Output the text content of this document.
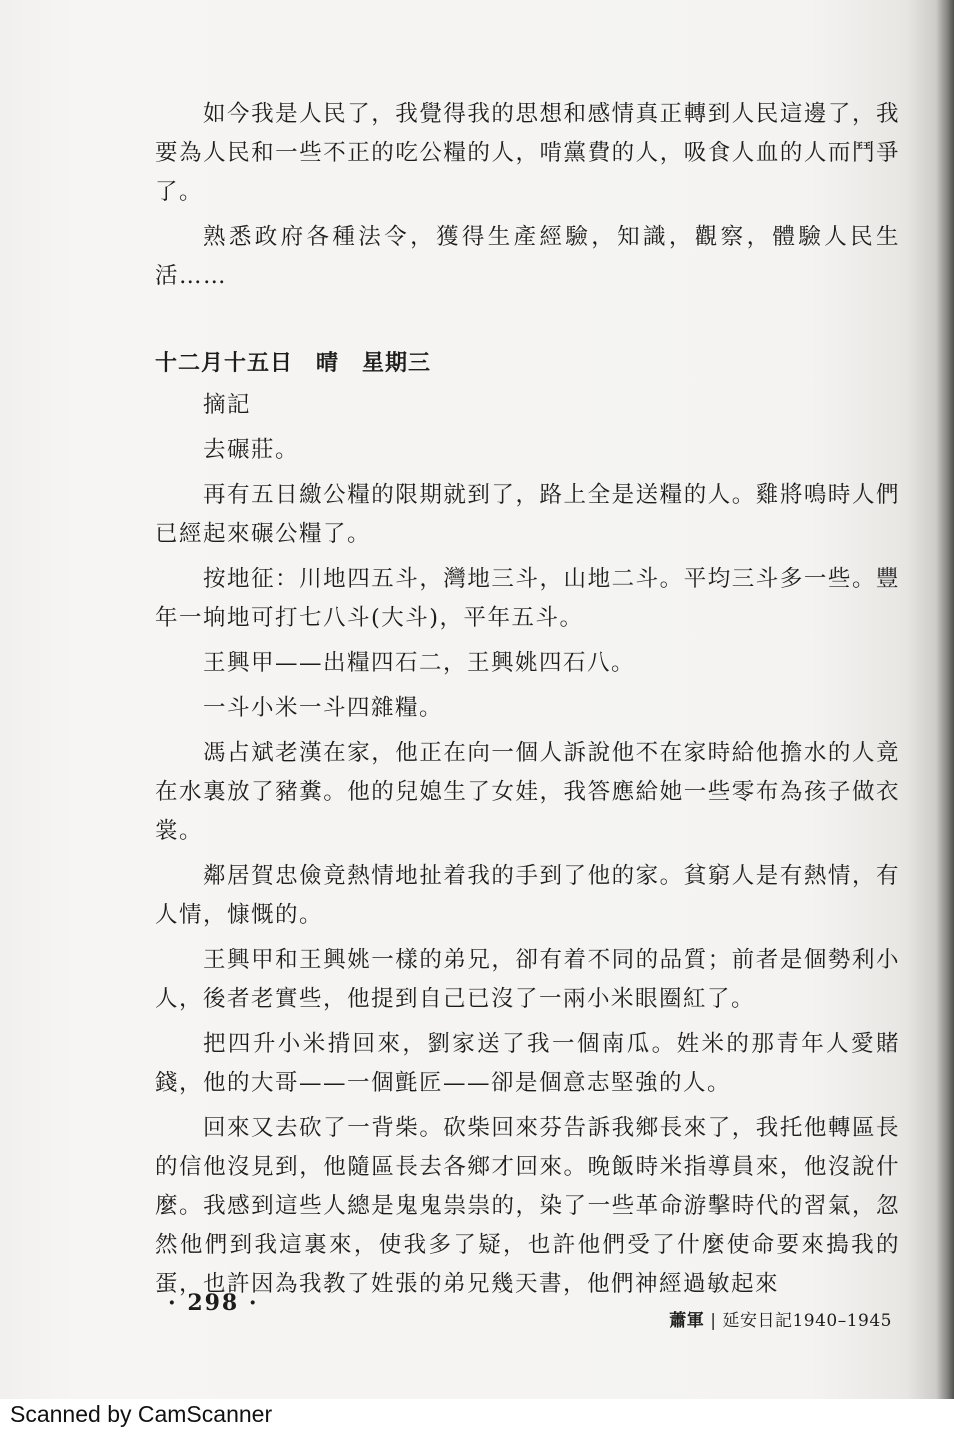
如今我是人民了，我覺得我的思想和感情真正轉到人民這邊了，我要為人民和一些不正的吃公糧的人，啃黨費的人，吸食人血的人而鬥爭了。

熟悉政府各種法令，獲得生產經驗，知識，觀察，體驗人民生活……

十二月十五日　晴　星期三

摘記

去碾莊。

再有五日繳公糧的限期就到了，路上全是送糧的人。雞將鳴時人們已經起來碾公糧了。

按地征：川地四五斗，灣地三斗，山地二斗。平均三斗多一些。豐年一垧地可打七八斗(大斗)，平年五斗。

王興甲——出糧四石二，王興姚四石八。

一斗小米一斗四雜糧。

馮占斌老漢在家，他正在向一個人訴說他不在家時給他擔水的人竟在水裏放了豬糞。他的兒媳生了女娃，我答應給她一些零布為孩子做衣裳。

鄰居賀忠儉竟熱情地扯着我的手到了他的家。貧窮人是有熱情，有人情，慷慨的。

王興甲和王興姚一樣的弟兄，卻有着不同的品質；前者是個勢利小人，後者老實些，他提到自己已沒了一兩小米眼圈紅了。

把四升小米揹回來，劉家送了我一個南瓜。姓米的那青年人愛賭錢，他的大哥——一個氈匠——卻是個意志堅強的人。

回來又去砍了一背柴。砍柴回來芬告訴我鄉長來了，我托他轉區長的信他沒見到，他隨區長去各鄉才回來。晚飯時米指導員來，他沒說什麼。我感到這些人總是鬼鬼祟祟的，染了一些革命游擊時代的習氣，忽然他們到我這裏來，使我多了疑，也許他們受了什麼使命要來搗我的蛋，也許因為我教了姓張的弟兄幾天書，他們神經過敏起來

· 298 ·
蕭軍 | 延安日記1940–1945
Scanned by CamScanner
